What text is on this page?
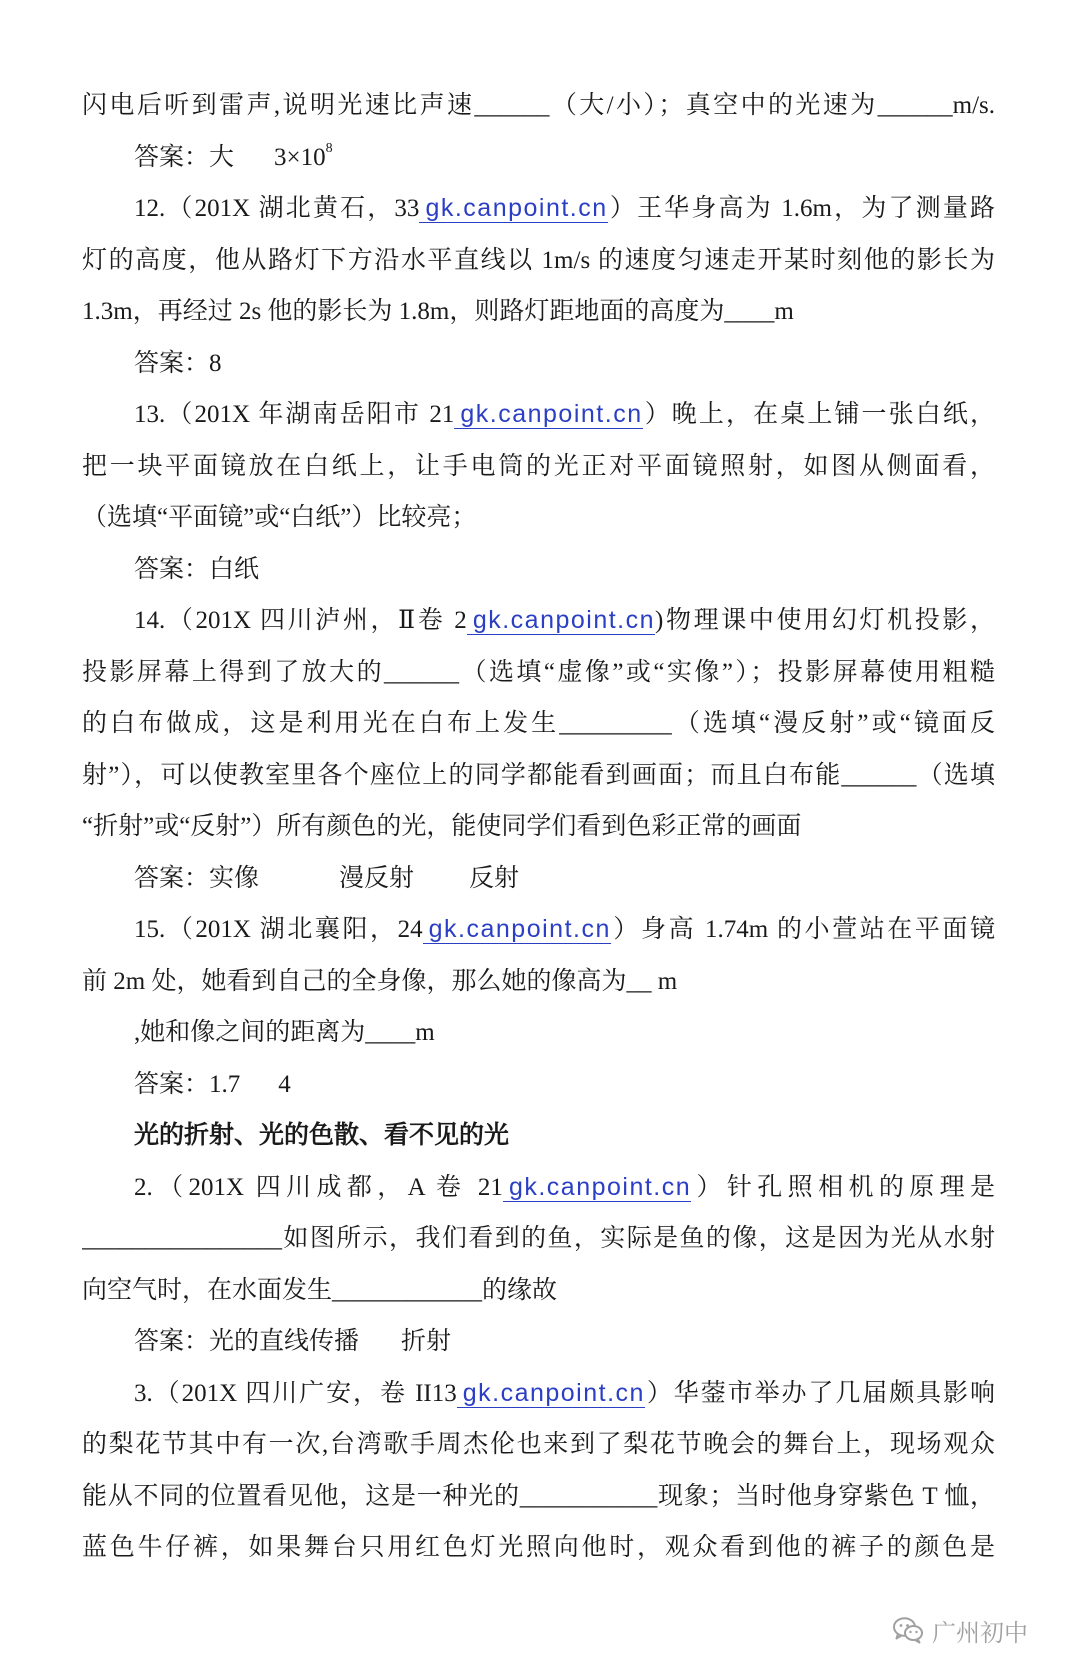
闪电后听到雷声,说明光速比声速______（大/小）；真空中的光速为______m/s.
答案：大 $3\times 10^8$
12.（201X 湖北黄石，33 gk.canpoint.cn）王华身高为 1.6m，为了测量路
灯的高度，他从路灯下方沿水平直线以 1m/s 的速度匀速走开某时刻他的影长为
1.3m，再经过 2s 他的影长为 1.8m，则路灯距地面的高度为____m
答案：8
13.（201X 年湖南岳阳市 21 gk.canpoint.cn）晚上，在桌上铺一张白纸，
把一块平面镜放在白纸上，让手电筒的光正对平面镜照射，如图从侧面看，
（选填“平面镜”或“白纸”）比较亮；
答案：白纸
14.（201X 四川泸州，Ⅱ卷 2 gk.canpoint.cn)物理课中使用幻灯机投影，
投影屏幕上得到了放大的______（选填“虚像”或“实像”）；投影屏幕使用粗糙
的白布做成，这是利用光在白布上发生_________（选填“漫反射”或“镜面反
射”），可以使教室里各个座位上的同学都能看到画面；而且白布能______（选填
“折射”或“反射”）所有颜色的光，能使同学们看到色彩正常的画面
答案：实像	漫反射 反射
15.（201X 湖北襄阳，24 gk.canpoint.cn）身高 1.74m 的小萱站在平面镜
前 2m 处，她看到自己的全身像，那么她的像高为__ m
,她和像之间的距离为____m
答案：1.7 4
光的折射、光的色散、看不见的光
2.（201X 四川成都，A 卷 21 gk.canpoint.cn）针孔照相机的原理是
________________如图所示，我们看到的鱼，实际是鱼的像，这是因为光从水射
向空气时，在水面发生____________的缘故
答案：光的直线传播 折射
3.（201X 四川广安，卷 II13 gk.canpoint.cn）华蓥市举办了几届颇具影响
的梨花节其中有一次,台湾歌手周杰伦也来到了梨花节晚会的舞台上，现场观众
能从不同的位置看见他，这是一种光的___________现象；当时他身穿紫色 T 恤，
蓝色牛仔裤，如果舞台只用红色灯光照向他时，观众看到他的裤子的颜色是
广州初中
